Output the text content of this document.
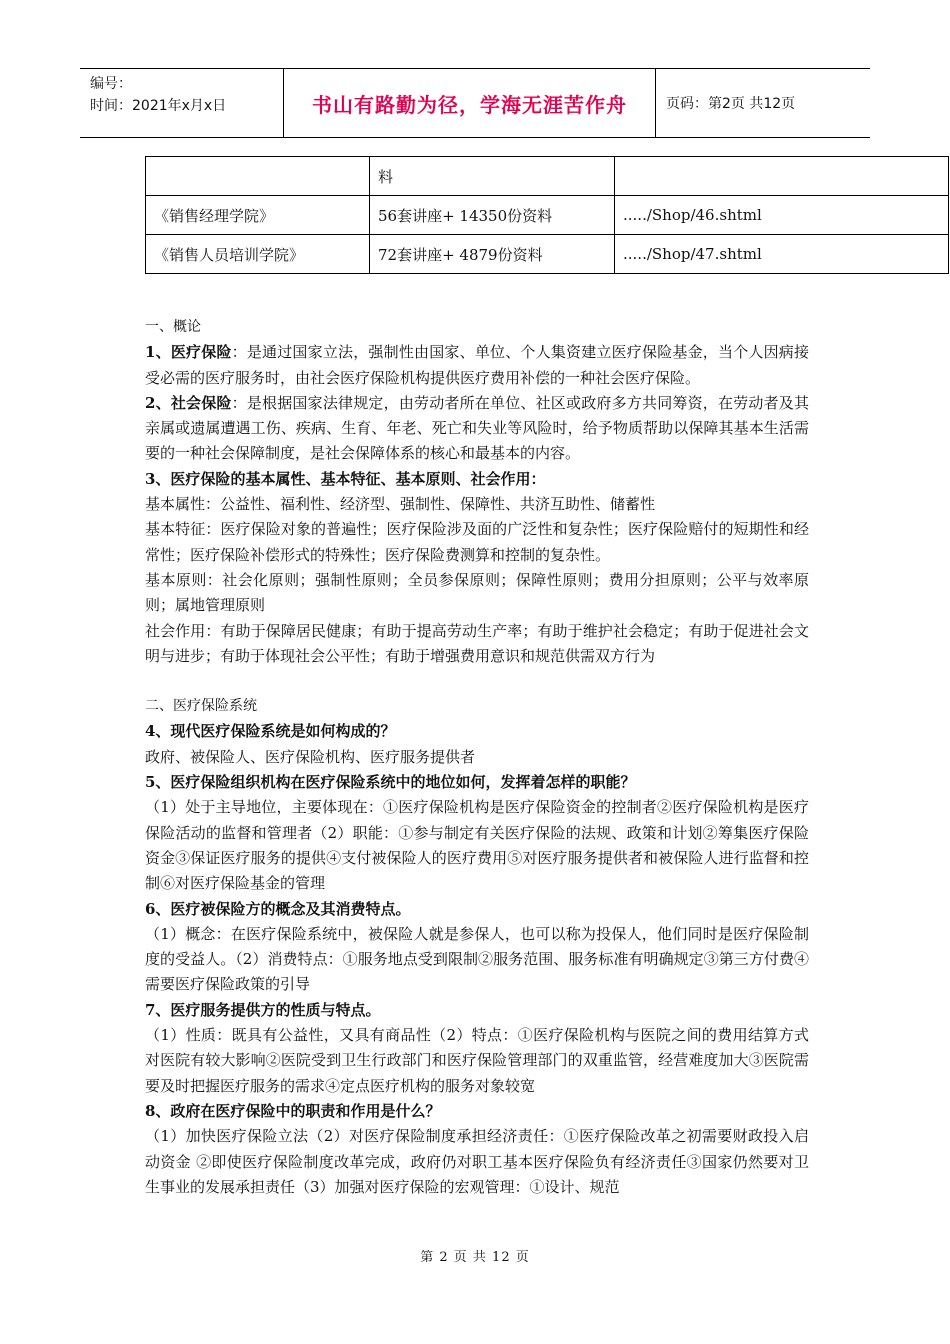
编号：
时间：2021年x月x日	书山有路勤为径，学海无涯苦作舟	页码：第2页 共12页
	料	
《销售经理学院》	56套讲座+ 14350份资料	...../Shop/46.shtml
《销售人员培训学院》	72套讲座+ 4879份资料	...../Shop/47.shtml

一、概论

1、医疗保险：是通过国家立法，强制性由国家、单位、个人集资建立医疗保险基金，当个人因病接受必需的医疗服务时，由社会医疗保险机构提供医疗费用补偿的一种社会医疗保险。

2、社会保险：是根据国家法律规定，由劳动者所在单位、社区或政府多方共同筹资，在劳动者及其亲属或遗属遭遇工伤、疾病、生育、年老、死亡和失业等风险时，给予物质帮助以保障其基本生活需要的一种社会保障制度，是社会保障体系的核心和最基本的内容。

3、医疗保险的基本属性、基本特征、基本原则、社会作用：

基本属性：公益性、福利性、经济型、强制性、保障性、共济互助性、储蓄性

基本特征：医疗保险对象的普遍性；医疗保险涉及面的广泛性和复杂性；医疗保险赔付的短期性和经常性；医疗保险补偿形式的特殊性；医疗保险费测算和控制的复杂性。

基本原则：社会化原则；强制性原则；全员参保原则；保障性原则；费用分担原则；公平与效率原则；属地管理原则

社会作用：有助于保障居民健康；有助于提高劳动生产率；有助于维护社会稳定；有助于促进社会文明与进步；有助于体现社会公平性；有助于增强费用意识和规范供需双方行为

二、医疗保险系统

4、现代医疗保险系统是如何构成的？

政府、被保险人、医疗保险机构、医疗服务提供者

5、医疗保险组织机构在医疗保险系统中的地位如何，发挥着怎样的职能？

（1）处于主导地位，主要体现在：①医疗保险机构是医疗保险资金的控制者②医疗保险机构是医疗保险活动的监督和管理者（2）职能：①参与制定有关医疗保险的法规、政策和计划②筹集医疗保险资金③保证医疗服务的提供④支付被保险人的医疗费用⑤对医疗服务提供者和被保险人进行监督和控制⑥对医疗保险基金的管理

6、医疗被保险方的概念及其消费特点。

（1）概念：在医疗保险系统中，被保险人就是参保人，也可以称为投保人，他们同时是医疗保险制度的受益人。（2）消费特点：①服务地点受到限制②服务范围、服务标准有明确规定③第三方付费④需要医疗保险政策的引导

7、医疗服务提供方的性质与特点。

（1）性质：既具有公益性，又具有商品性（2）特点：①医疗保险机构与医院之间的费用结算方式对医院有较大影响②医院受到卫生行政部门和医疗保险管理部门的双重监管，经营难度加大③医院需要及时把握医疗服务的需求④定点医疗机构的服务对象较宽

8、政府在医疗保险中的职责和作用是什么？

（1）加快医疗保险立法（2）对医疗保险制度承担经济责任：①医疗保险改革之初需要财政投入启动资金 ②即使医疗保险制度改革完成，政府仍对职工基本医疗保险负有经济责任③国家仍然要对卫生事业的发展承担责任（3）加强对医疗保险的宏观管理：①设计、规范

第 2 页 共 12 页
